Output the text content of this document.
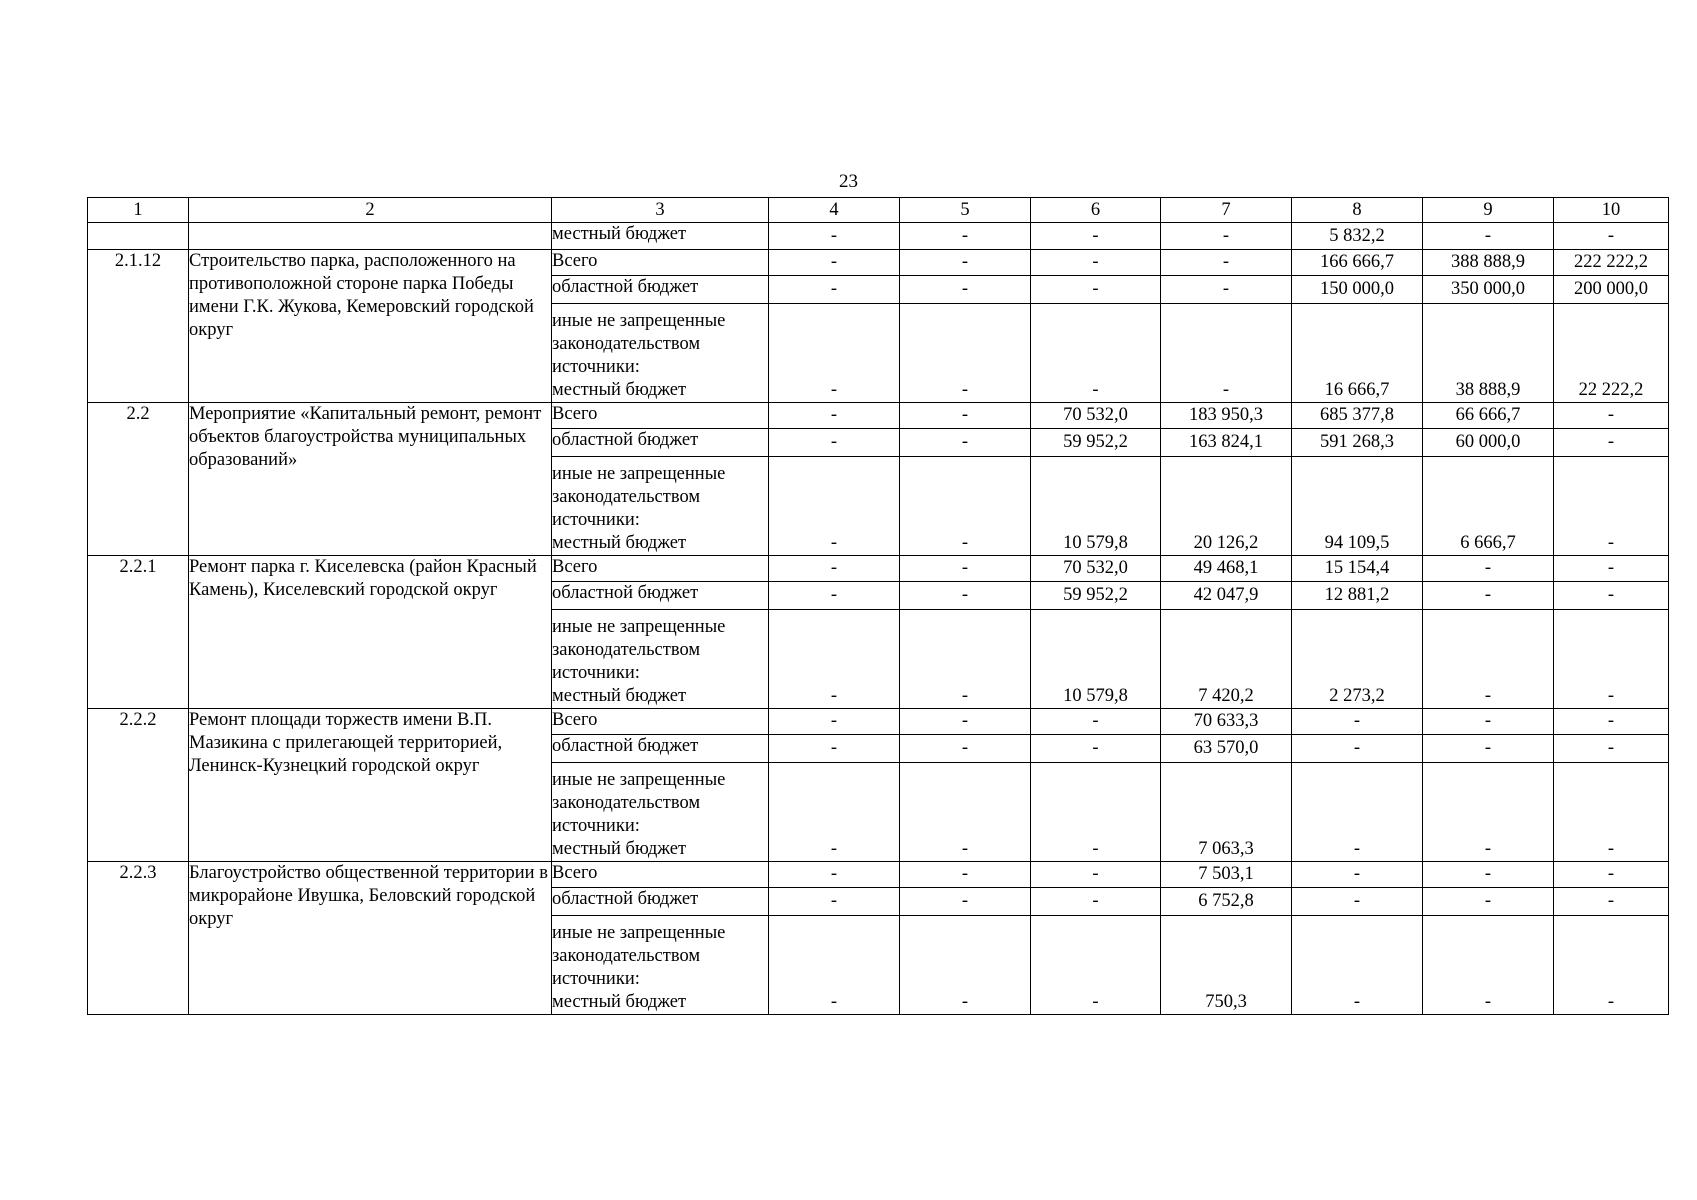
23
1	2	3	4	5	6	7	8	9	10
		местный бюджет	-	-	-	-	5 832,2	-	-
2.1.12	Строительство парка, расположенного на противоположной стороне парка Победы имени Г.К. Жукова, Кемеровский городской округ	Всего	-	-	-	-	166 666,7	388 888,9	222 222,2
		областной бюджет	-	-	-	-	150 000,0	350 000,0	200 000,0

		иные не запрещенные
законодательством
источники:
местный бюджет	-	-	-	-	16 666,7	38 888,9	22 222,2
2.2	Мероприятие «Капитальный ремонт, ремонт объектов благоустройства муниципальных образований»	Всего	-	-	70 532,0	183 950,3	685 377,8	66 666,7	-
		областной бюджет	-	-	59 952,2	163 824,1	591 268,3	60 000,0	-

		иные не запрещенные
законодательством
источники:
местный бюджет	-	-	10 579,8	20 126,2	94 109,5	6 666,7	-
2.2.1	Ремонт парка г. Киселевска (район Красный Камень), Киселевский городской округ	Всего	-	-	70 532,0	49 468,1	15 154,4	-	-
		областной бюджет	-	-	59 952,2	42 047,9	12 881,2	-	-

		иные не запрещенные
законодательством
источники:
местный бюджет	-	-	10 579,8	7 420,2	2 273,2	-	-
2.2.2	Ремонт площади торжеств имени В.П. Мазикина с прилегающей территорией, Ленинск-Кузнецкий городской округ	Всего	-	-	-	70 633,3	-	-	-
		областной бюджет	-	-	-	63 570,0	-	-	-

		иные не запрещенные
законодательством
источники:
местный бюджет	-	-	-	7 063,3	-	-	-
2.2.3	Благоустройство общественной территории в микрорайоне Ивушка, Беловский городской округ	Всего	-	-	-	7 503,1	-	-	-
		областной бюджет	-	-	-	6 752,8	-	-	-

		иные не запрещенные
законодательством
источники:
местный бюджет	-	-	-	750,3	-	-	-
